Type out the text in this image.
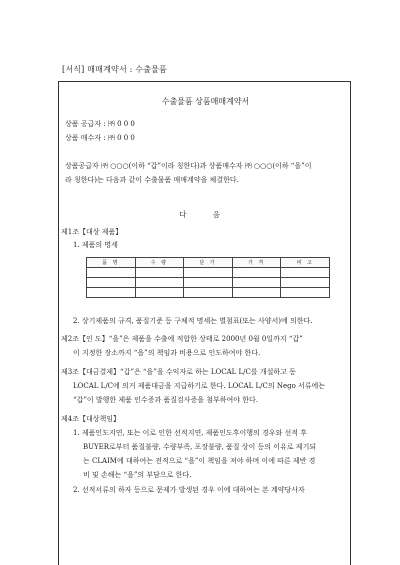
[서식] 매매계약서 : 수출물품
수출물품 상품매매계약서
상품 공급자 : ㈜ 0 0 0
상품 매수자 : ㈜ 0 0 0
상품공급자 ㈜ ○○○(이하 “갑”이라 칭한다)과 상품매수자 ㈜ ○○○(이하 “을”이
라 칭한다)는 다음과 같이 수출물품 매매계약을 체결한다.
다 음
제1조【대상 제품】
1. 제품의 명세
품 명	수 량	단 가	가 격	비 고

2. 상기제품의 규격, 품질기준 등 구체적 명세는 별첨표(또는 사양서)에 의한다.
제2조【인 도】“을”은 제품을 수출에 적합한 상태로 2000년 0월 0일까지 “갑”
이 지정한 장소까지 “을”의 책임과 비용으로 인도하여야 한다.
제3조【대금결제】“갑”은 “을”을 수익자로 하는 LOCAL L/C를 개설하고 동
LOCAL L/C에 의거 제품대금을 지급하기로 한다. LOCAL L/C의 Nego 서류에는
“갑”이 발행한 제품 인수증과 품질검사증을 첨부하여야 한다.
제4조【대상책임】
1. 제품인도지연, 또는 이로 인한 선적지연, 제품인도후이행의 경우와 선적 후
BUYER로부터 품질불량, 수량부족, 포장불량, 품질 상이 등의 이유로 제기되
는 CLAIM에 대하여는 전적으로 “을”이 책임을 져야 하며 이에 따른 제반 경
비 및 손해는 “을”의 부담으로 한다.
2. 선적서류의 하자 등으로 문제가 발생된 경우 이에 대하여는 본 계약당사자
